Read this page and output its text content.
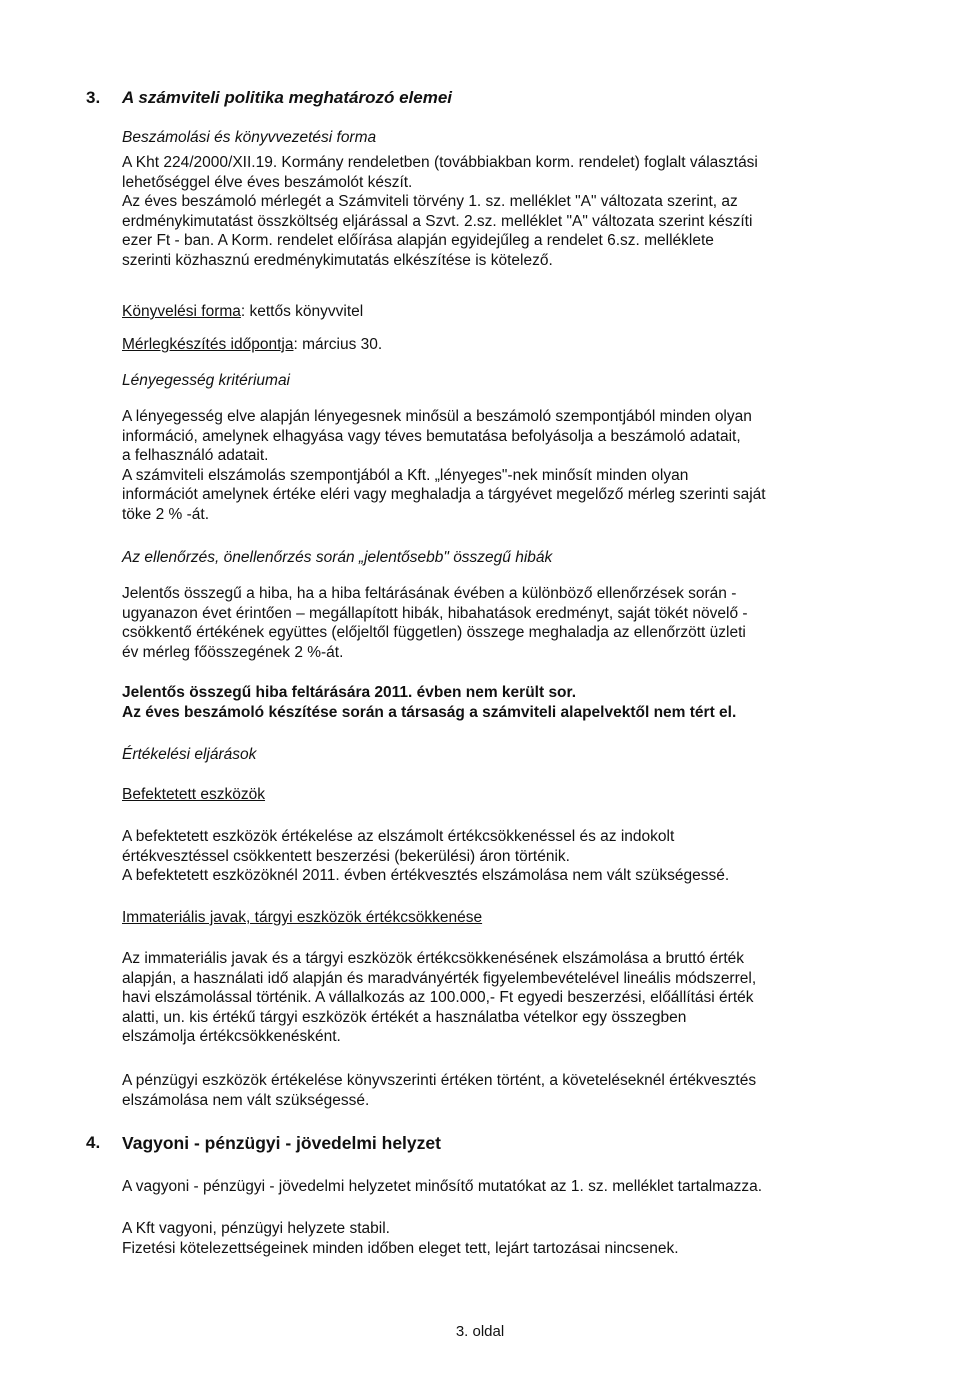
3. A számviteli politika meghatározó elemei
Beszámolási és könyvvezetési forma
A Kht 224/2000/XII.19. Kormány rendeletben (továbbiakban korm. rendelet) foglalt választási
lehetőséggel élve éves beszámolót készít.
Az éves beszámoló mérlegét a Számviteli törvény 1. sz. melléklet "A" változata szerint, az
erdménykimutatást összköltség eljárással a Szvt. 2.sz. melléklet "A" változata szerint készíti
ezer Ft - ban. A Korm. rendelet előírása alapján egyidejűleg a rendelet 6.sz. melléklete
szerinti közhasznú eredménykimutatás elkészítése is kötelező.
Könyvelési forma: kettős könyvvitel
Mérlegkészítés időpontja: március 30.
Lényegesség kritériumai
A lényegesség elve alapján lényegesnek minősül a beszámoló szempontjából minden olyan
információ, amelynek elhagyása vagy téves bemutatása befolyásolja a beszámoló adatait,
a felhasználó adatait.
A számviteli elszámolás szempontjából a Kft. „lényeges"-nek minősít minden olyan
információt amelynek értéke eléri vagy meghaladja a tárgyévet megelőző mérleg szerinti saját
töke 2 % -át.
Az ellenőrzés, önellenőrzés során „jelentősebb" összegű hibák
Jelentős összegű a hiba, ha a hiba feltárásának évében a különböző ellenőrzések során -
ugyanazon évet érintően – megállapított hibák, hibahatások eredményt, saját tökét növelő -
csökkentő értékének együttes (előjeltől független) összege meghaladja az ellenőrzött üzleti
év mérleg főösszegének 2 %-át.
Jelentős összegű hiba feltárására 2011. évben nem került sor.
Az éves beszámoló készítése során a társaság a számviteli alapelvektől nem tért el.
Értékelési eljárások
Befektetett eszközök
A befektetett eszközök értékelése az elszámolt értékcsökkenéssel és az indokolt
értékvesztéssel csökkentett beszerzési (bekerülési) áron történik.
A befektetett eszközöknél 2011. évben értékvesztés elszámolása nem vált szükségessé.
Immateriális javak, tárgyi eszközök értékcsökkenése
Az immateriális javak és a tárgyi eszközök értékcsökkenésének elszámolása a bruttó érték
alapján, a használati idő alapján és maradványérték figyelembevételével lineális módszerrel,
havi elszámolással történik. A vállalkozás az 100.000,- Ft egyedi beszerzési, előállítási érték
alatti, un. kis értékű tárgyi eszközök értékét a használatba vételkor egy összegben
elszámolja értékcsökkenésként.
A pénzügyi eszközök értékelése könyvszerinti értéken történt, a követeléseknél értékvesztés
elszámolása nem vált szükségessé.
4. Vagyoni - pénzügyi - jövedelmi helyzet
A vagyoni - pénzügyi - jövedelmi helyzetet minősítő mutatókat az 1. sz. melléklet tartalmazza.
A Kft vagyoni, pénzügyi helyzete stabil.
Fizetési kötelezettségeinek minden időben eleget tett, lejárt tartozásai nincsenek.
3. oldal
